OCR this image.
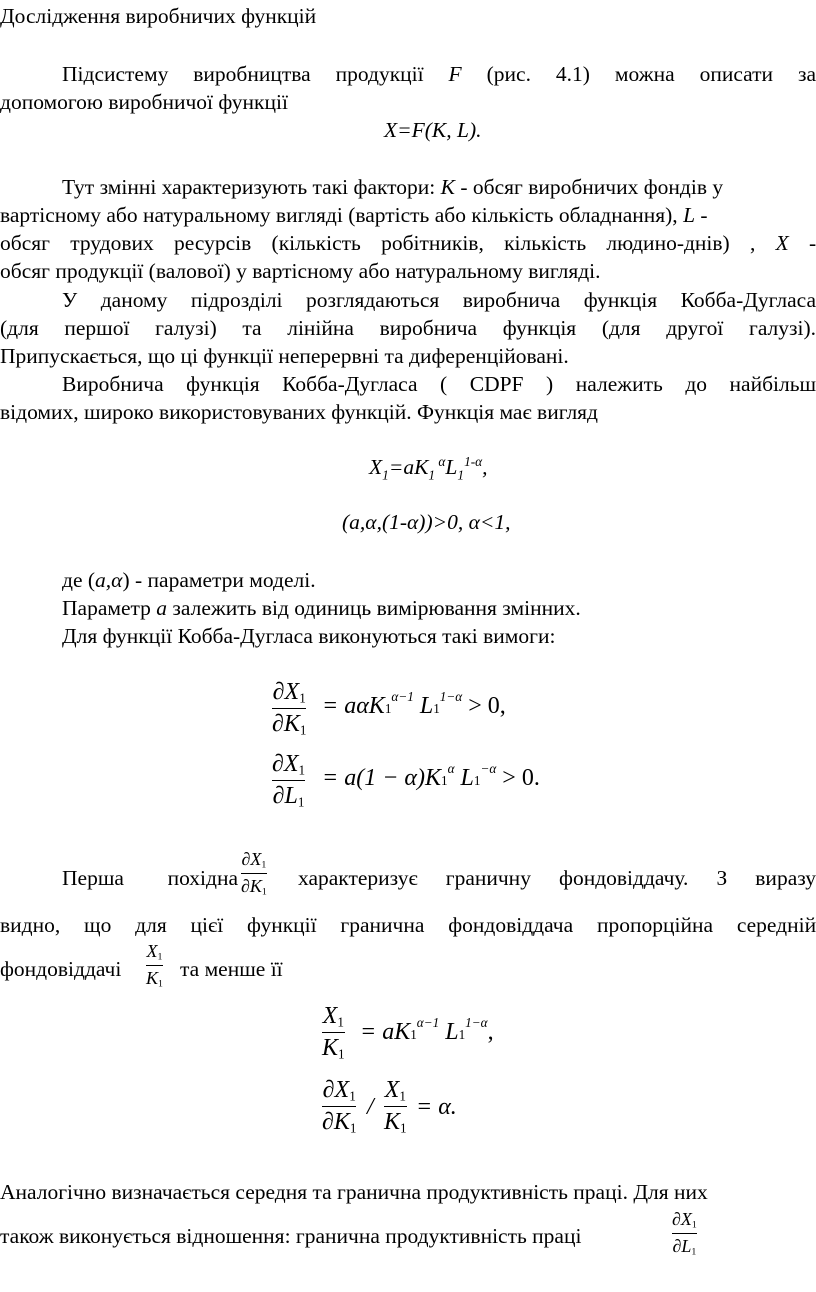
Дослідження виробничих функцій
Підсистему виробництва продукції F (рис. 4.1) можна описати за
допомогою виробничої функції
X=F(K, L).
Тут змінні характеризують такі фактори: K - обсяг виробничих фондів у
вартісному або натуральному вигляді (вартість або кількість обладнання), L -
обсяг трудових ресурсів (кількість робітників, кількість людино-днів) , X -
обсяг продукції (валової) у вартісному або натуральному вигляді.
У даному підрозділі розглядаються виробнича функція Кобба-Дугласа
(для першої галузі) та лінійна виробнича функція (для другої галузі).
Припускається, що ці функції неперервні та диференційовані.
Виробнича функція Кобба-Дугласа ( CDPF ) належить до найбільш
відомих, широко використовуваних функцій. Функція має вигляд
$X_1=aK_1$ $^\alpha L_1^{1-\alpha}$,
(a,α,(1-α))>0, α<1,
де (a,α) - параметри моделі.
Параметр a залежить від одиниць вимірювання змінних.
Для функції Кобба-Дугласа виконуються такі вимоги:
∂X1
∂K1
= $a\alpha K1^{\alpha-1}$ $L1^{1-\alpha} > 0$,
∂X1
∂L1
= $a(1 - \alpha)K1^\alpha$ $L1^{-\alpha} > 0$.
Перша похідна
∂X1
∂K1
характеризує граничну фондовіддачу. З виразу
видно, що для цієї функції гранична фондовіддача пропорційна середній
фондовіддачі
X1
K1
та менше її
X1
K1
= $aK1^{\alpha-1}$ $L1^{1-\alpha}$,
∂X1
∂K1
/
X1
K1
= α.
Аналогічно визначається середня та гранична продуктивність праці. Для них
також виконується відношення: гранична продуктивність праці
∂X1
∂L1
